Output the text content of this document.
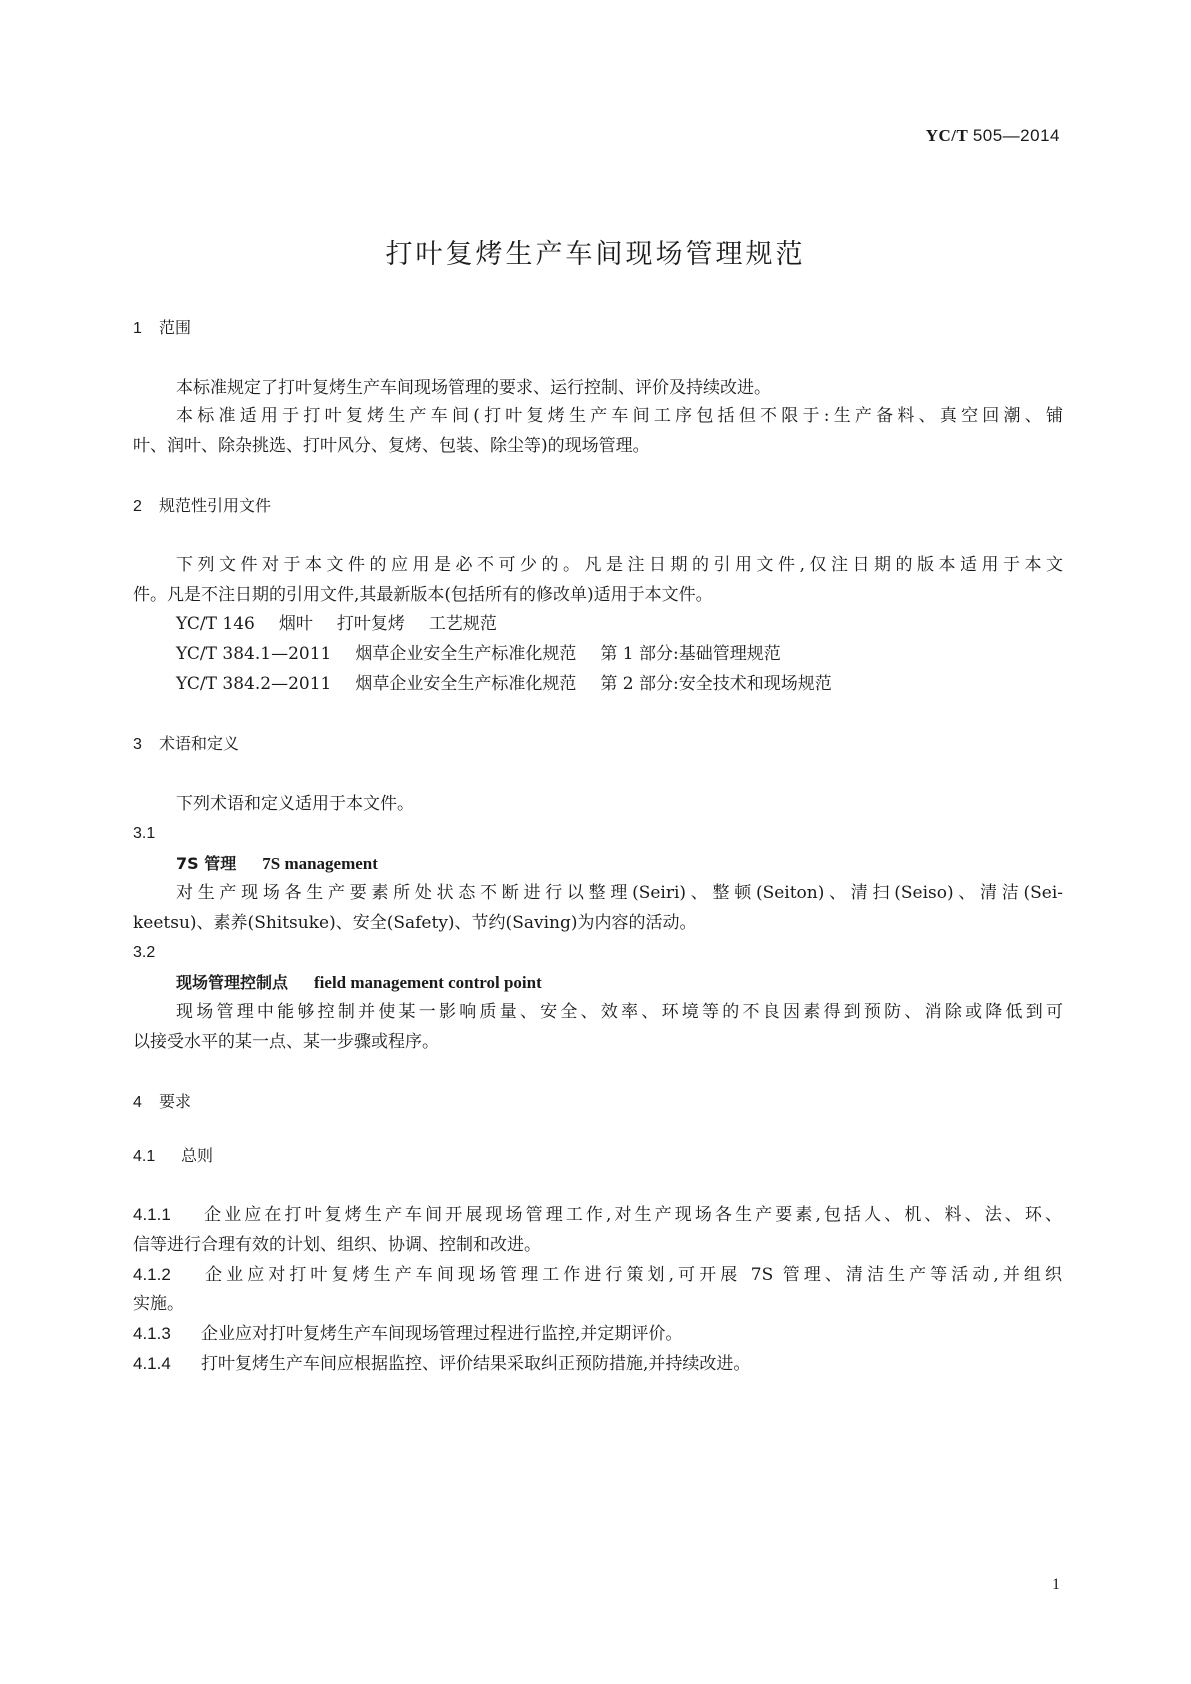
YC/T 505—2014
打叶复烤生产车间现场管理规范
1 范围
本标准规定了打叶复烤生产车间现场管理的要求、运行控制、评价及持续改进。
本标准适用于打叶复烤生产车间(打叶复烤生产车间工序包括但不限于:生产备料、真空回潮、铺
叶、润叶、除杂挑选、打叶风分、复烤、包装、除尘等)的现场管理。
2 规范性引用文件
下列文件对于本文件的应用是必不可少的。凡是注日期的引用文件,仅注日期的版本适用于本文
件。凡是不注日期的引用文件,其最新版本(包括所有的修改单)适用于本文件。
YC/T 146 烟叶 打叶复烤 工艺规范
YC/T 384.1—2011 烟草企业安全生产标准化规范 第 1 部分:基础管理规范
YC/T 384.2—2011 烟草企业安全生产标准化规范 第 2 部分:安全技术和现场规范
3 术语和定义
下列术语和定义适用于本文件。
3.1
7S 管理 7S management
对生产现场各生产要素所处状态不断进行以整理(Seiri)、整顿(Seiton)、清扫(Seiso)、清洁(Sei-
keetsu)、素养(Shitsuke)、安全(Safety)、节约(Saving)为内容的活动。
3.2
现场管理控制点 field management control point
现场管理中能够控制并使某一影响质量、安全、效率、环境等的不良因素得到预防、消除或降低到可
以接受水平的某一点、某一步骤或程序。
4 要求
4.1 总则
4.1.1 企业应在打叶复烤生产车间开展现场管理工作,对生产现场各生产要素,包括人、机、料、法、环、
信等进行合理有效的计划、组织、协调、控制和改进。
4.1.2 企业应对打叶复烤生产车间现场管理工作进行策划,可开展 7S 管理、清洁生产等活动,并组织
实施。
4.1.3 企业应对打叶复烤生产车间现场管理过程进行监控,并定期评价。
4.1.4 打叶复烤生产车间应根据监控、评价结果采取纠正预防措施,并持续改进。
1
